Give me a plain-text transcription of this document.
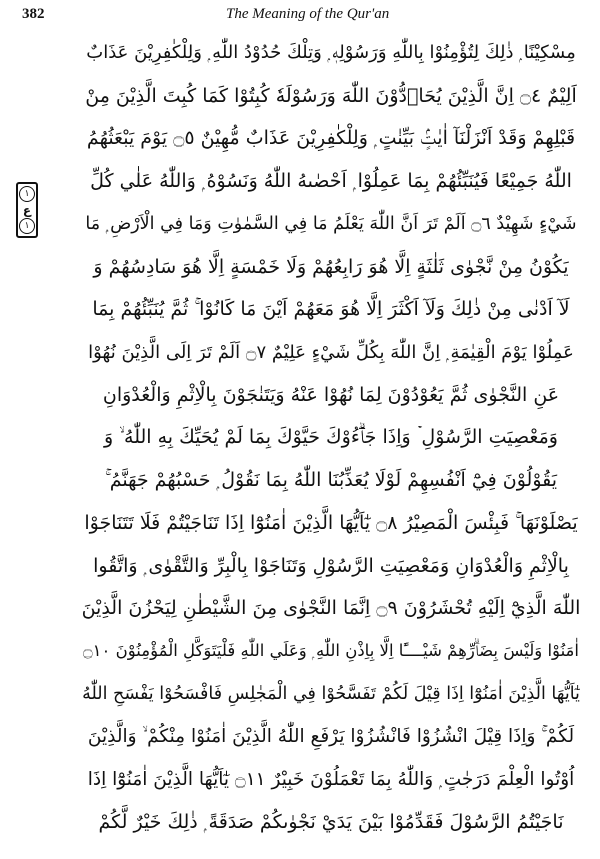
382	The Meaning of the Qur'an
١
ع
١
مِسْكِيْنًا ۭ ذٰلِكَ لِتُؤْمِنُوْا بِاللّٰهِ وَرَسُوْلِهٖ ۭ وَتِلْكَ حُدُوْدُ اللّٰهِ ۭ وَلِلْكٰفِرِيْنَ عَذَابٌ
اَلِيْمٌ ۝٤ اِنَّ الَّذِيْنَ يُحَاۗدُّوْنَ اللّٰهَ وَرَسُوْلَهٗ كُبِتُوْا كَمَا كُبِتَ الَّذِيْنَ مِنْ
قَبْلِهِمْ وَقَدْ اَنْزَلْنَآ اٰيٰتٍۢ بَيِّنٰتٍ ۭ وَلِلْكٰفِرِيْنَ عَذَابٌ مُّهِيْنٌ ۝٥ يَوْمَ يَبْعَثُهُمُ
اللّٰهُ جَمِيْعًا فَيُنَبِّئُهُمْ بِمَا عَمِلُوْا ۭ اَحْصٰىهُ اللّٰهُ وَنَسُوْهُ ۭ وَاللّٰهُ عَلٰي كُلِّ
شَيْءٍ شَهِيْدٌ ۝٦ اَلَمْ تَرَ اَنَّ اللّٰهَ يَعْلَمُ مَا فِي السَّمٰوٰتِ وَمَا فِي الْاَرْضِ ۭ مَا
يَكُوْنُ مِنْ نَّجْوٰى ثَلٰثَةٍ اِلَّا هُوَ رَابِعُهُمْ وَلَا خَمْسَةٍ اِلَّا هُوَ سَادِسُهُمْ وَ
لَآ اَدْنٰى مِنْ ذٰلِكَ وَلَآ اَكْثَرَ اِلَّا هُوَ مَعَهُمْ اَيْنَ مَا كَانُوْا ۚ ثُمَّ يُنَبِّئُهُمْ بِمَا
عَمِلُوْا يَوْمَ الْقِيٰمَةِ ۭ اِنَّ اللّٰهَ بِكُلِّ شَيْءٍ عَلِيْمٌ ۝٧ اَلَمْ تَرَ اِلَى الَّذِيْنَ نُهُوْا
عَنِ النَّجْوٰى ثُمَّ يَعُوْدُوْنَ لِمَا نُهُوْا عَنْهُ وَيَتَنٰجَوْنَ بِالْاِثْمِ وَالْعُدْوَانِ
وَمَعْصِيَتِ الرَّسُوْلِ ۡ وَاِذَا جَاۗءُوْكَ حَيَّوْكَ بِمَا لَمْ يُحَيِّكَ بِهِ اللّٰهُ ۙ وَ
يَقُوْلُوْنَ فِيْٓ اَنْفُسِهِمْ لَوْلَا يُعَذِّبُنَا اللّٰهُ بِمَا نَقُوْلُ ۭ حَسْبُهُمْ جَهَنَّمُ ۚ
يَصْلَوْنَهَا ۚ فَبِئْسَ الْمَصِيْرُ ۝٨ يٰٓاَيُّهَا الَّذِيْنَ اٰمَنُوْٓا اِذَا تَنَاجَيْتُمْ فَلَا تَتَنَاجَوْا
بِالْاِثْمِ وَالْعُدْوَانِ وَمَعْصِيَتِ الرَّسُوْلِ وَتَنَاجَوْا بِالْبِرِّ وَالتَّقْوٰى ۭ وَاتَّقُوا
اللّٰهَ الَّذِيْٓ اِلَيْهِ تُحْشَرُوْنَ ۝٩ اِنَّمَا النَّجْوٰى مِنَ الشَّيْطٰنِ لِيَحْزُنَ الَّذِيْنَ
اٰمَنُوْا وَلَيْسَ بِضَاۗرِّهِمْ شَيْــــًٔا اِلَّا بِاِذْنِ اللّٰهِ ۭ وَعَلَي اللّٰهِ فَلْيَتَوَكَّلِ الْمُؤْمِنُوْنَ ۝١٠
يٰٓاَيُّهَا الَّذِيْنَ اٰمَنُوْٓا اِذَا قِيْلَ لَكُمْ تَفَسَّحُوْا فِي الْمَجٰلِسِ فَافْسَحُوْا يَفْسَحِ اللّٰهُ
لَكُمْ ۚ وَاِذَا قِيْلَ انْشُزُوْا فَانْشُزُوْا يَرْفَعِ اللّٰهُ الَّذِيْنَ اٰمَنُوْا مِنْكُمْ ۙ وَالَّذِيْنَ
اُوْتُوا الْعِلْمَ دَرَجٰتٍ ۭ وَاللّٰهُ بِمَا تَعْمَلُوْنَ خَبِيْرٌ ۝١١ يٰٓاَيُّهَا الَّذِيْنَ اٰمَنُوْٓا اِذَا
نَاجَيْتُمُ الرَّسُوْلَ فَقَدِّمُوْا بَيْنَ يَدَيْ نَجْوٰىكُمْ صَدَقَةً ۭ ذٰلِكَ خَيْرٌ لَّكُمْ
